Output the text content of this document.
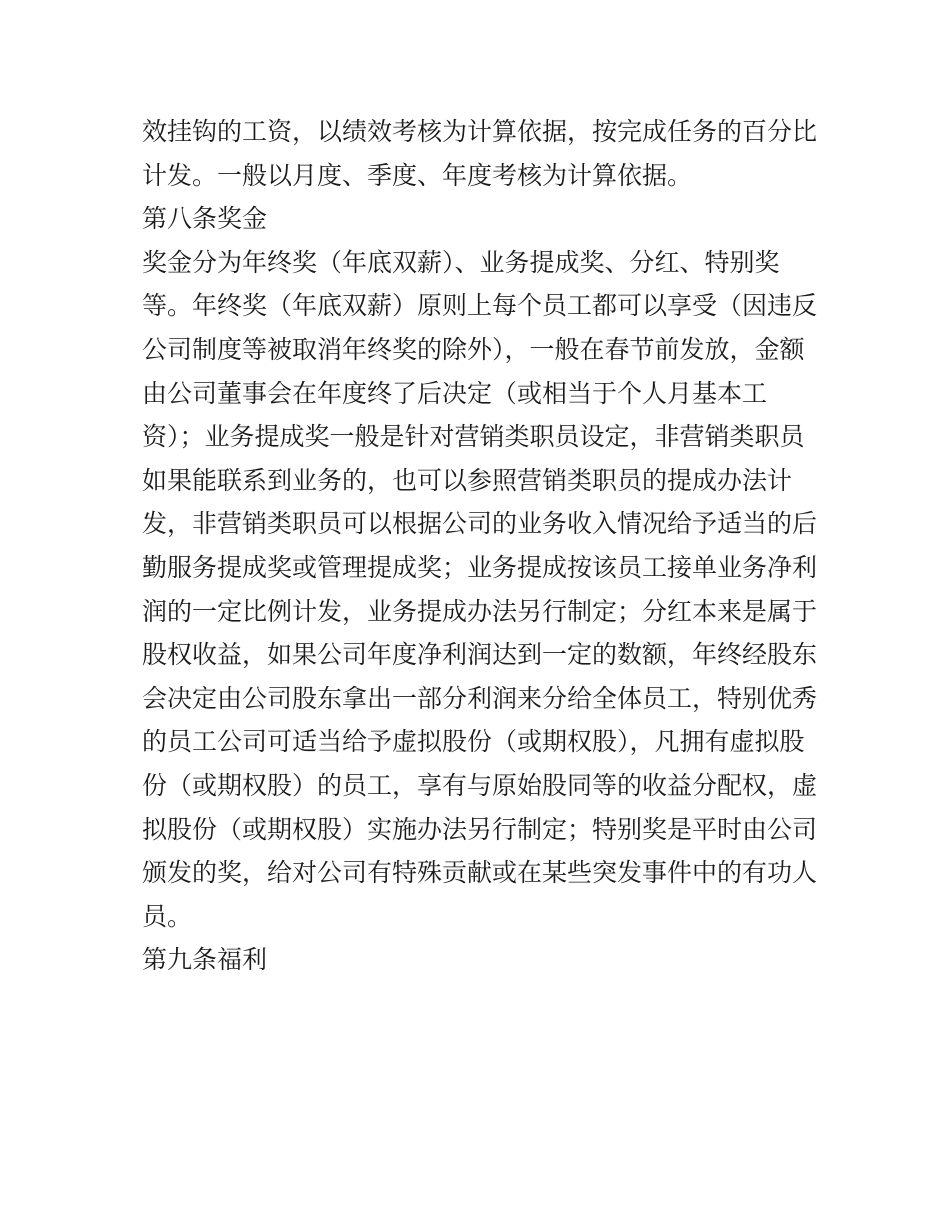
效挂钩的工资，以绩效考核为计算依据，按完成任务的百分比
计发。一般以月度、季度、年度考核为计算依据。
第八条奖金
奖金分为年终奖（年底双薪）、业务提成奖、分红、特别奖
等。年终奖（年底双薪）原则上每个员工都可以享受（因违反
公司制度等被取消年终奖的除外），一般在春节前发放，金额
由公司董事会在年度终了后决定（或相当于个人月基本工
资）；业务提成奖一般是针对营销类职员设定，非营销类职员
如果能联系到业务的，也可以参照营销类职员的提成办法计
发，非营销类职员可以根据公司的业务收入情况给予适当的后
勤服务提成奖或管理提成奖；业务提成按该员工接单业务净利
润的一定比例计发，业务提成办法另行制定；分红本来是属于
股权收益，如果公司年度净利润达到一定的数额，年终经股东
会决定由公司股东拿出一部分利润来分给全体员工，特别优秀
的员工公司可适当给予虚拟股份（或期权股），凡拥有虚拟股
份（或期权股）的员工，享有与原始股同等的收益分配权，虚
拟股份（或期权股）实施办法另行制定；特别奖是平时由公司
颁发的奖，给对公司有特殊贡献或在某些突发事件中的有功人
员。
第九条福利
